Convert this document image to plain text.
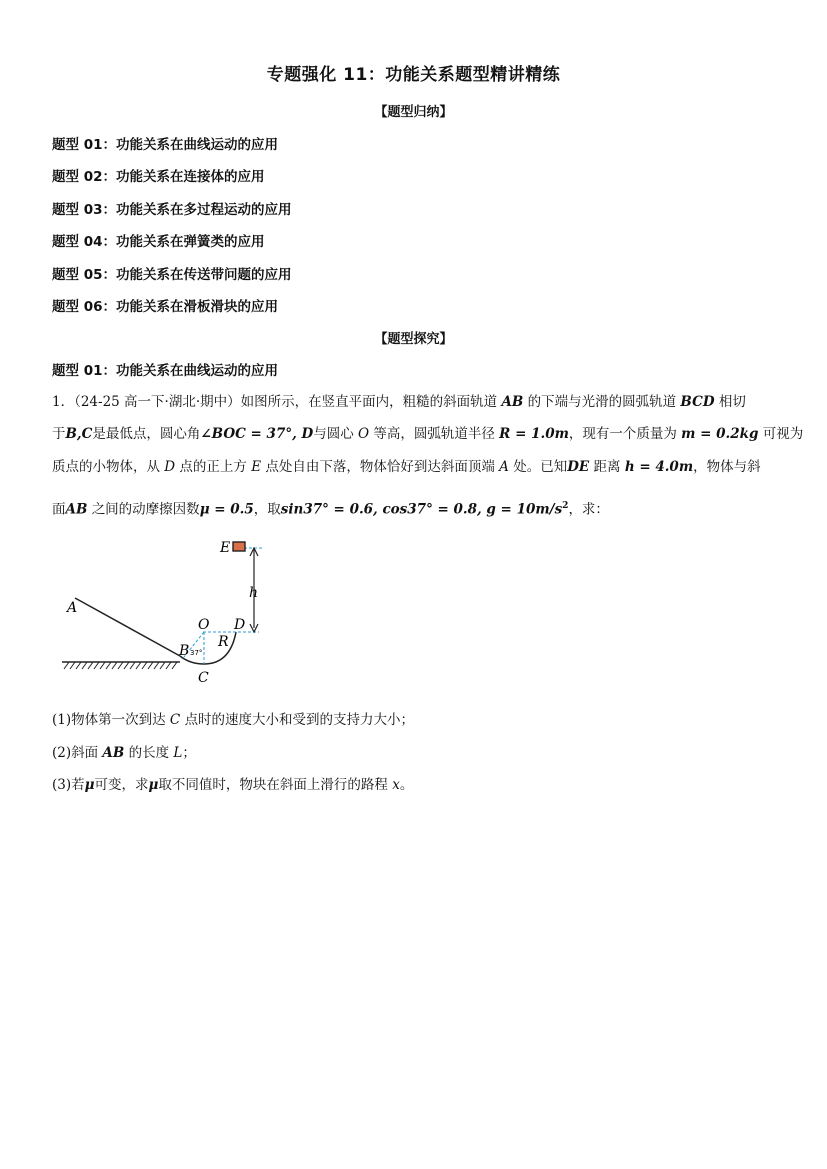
专题强化 11：功能关系题型精讲精练
【题型归纳】
题型 01：功能关系在曲线运动的应用
题型 02：功能关系在连接体的应用
题型 03：功能关系在多过程运动的应用
题型 04：功能关系在弹簧类的应用
题型 05：功能关系在传送带问题的应用
题型 06：功能关系在滑板滑块的应用
【题型探究】
题型 01：功能关系在曲线运动的应用
1．（24-25 高一下·湖北·期中）如图所示，在竖直平面内，粗糙的斜面轨道 AB 的下端与光滑的圆弧轨道 BCD 相切
于B,C是最低点，圆心角∠BOC = 37°, D与圆心 O 等高，圆弧轨道半径 R = 1.0m，现有一个质量为 m = 0.2kg 可视为
质点的小物体，从 D 点的正上方 E 点处自由下落，物体恰好到达斜面顶端 A 处。已知DE 距离 h = 4.0m，物体与斜
面AB 之间的动摩擦因数μ = 0.5，取sin37° = 0.6, cos37° = 0.8, $g = 10m/s^2$，求：
E
h
A
O D
R
B 37°
C
(1)物体第一次到达 C 点时的速度大小和受到的支持力大小；
(2)斜面 AB 的长度 L；
(3)若μ可变，求μ取不同值时，物块在斜面上滑行的路程 x。
